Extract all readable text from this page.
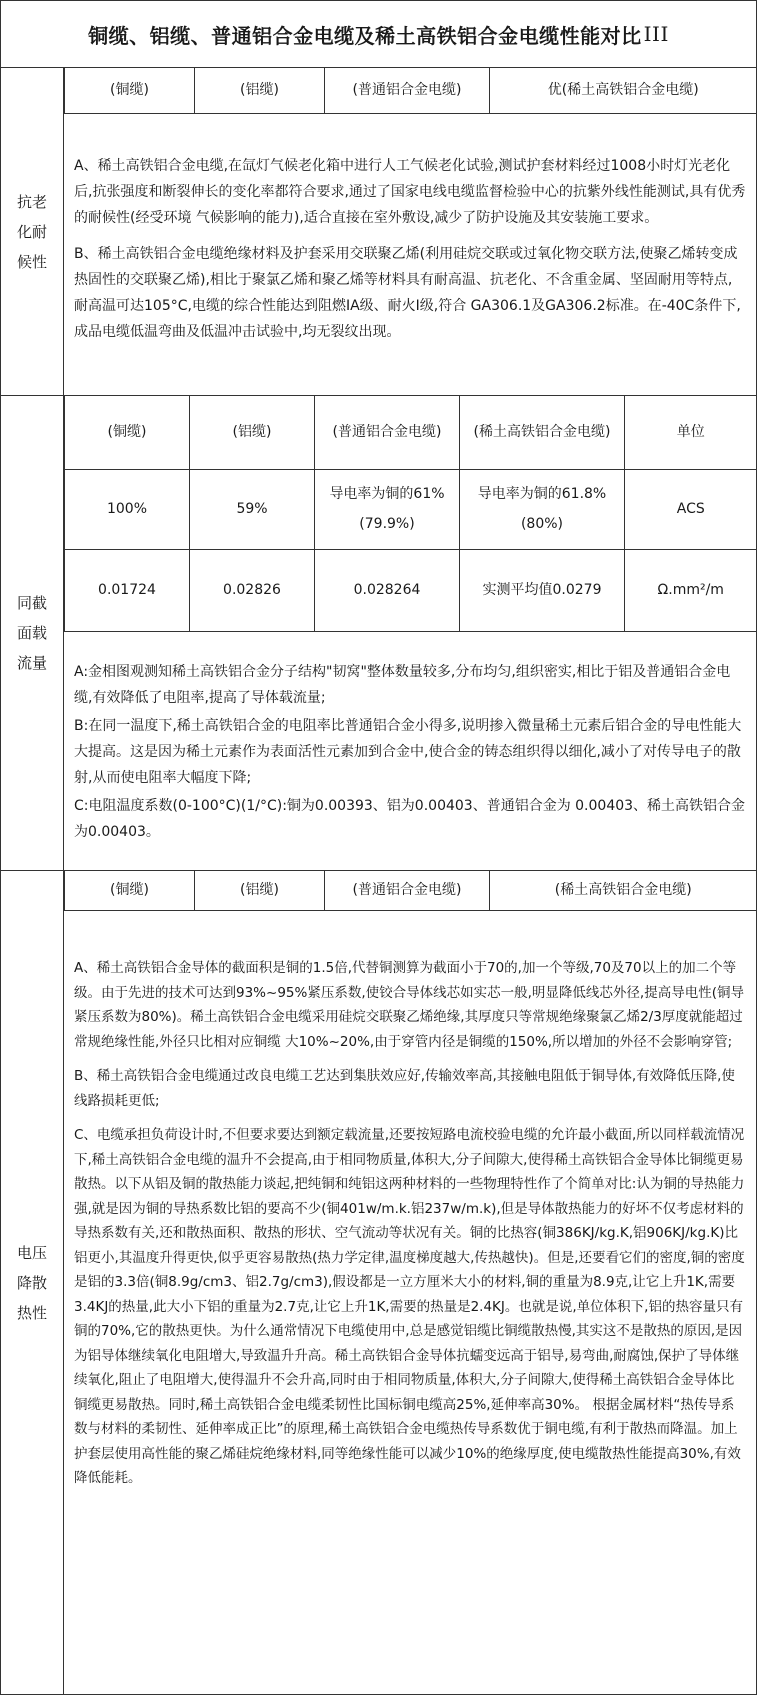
铜缆、铝缆、普通铝合金电缆及稀土高铁铝合金电缆性能对比 III
抗老化耐候性
(铜缆)	(铝缆)	(普通铝合金电缆)	优(稀土高铁铝合金电缆)

A、稀土高铁铝合金电缆,在氙灯气候老化箱中进行人工气候老化试验,测试护套材料经过1008小时灯光老化后,抗张强度和断裂伸长的变化率都符合要求,通过了国家电线电缆监督检验中心的抗紫外线性能测试,具有优秀的耐候性(经受环境 气候影响的能力),适合直接在室外敷设,减少了防护设施及其安装施工要求。

B、稀土高铁铝合金电缆绝缘材料及护套采用交联聚乙烯(利用硅烷交联或过氧化物交联方法,使聚乙烯转变成热固性的交联聚乙烯),相比于聚氯乙烯和聚乙烯等材料具有耐高温、抗老化、不含重金属、坚固耐用等特点,耐高温可达105°C,电缆的综合性能达到阻燃IA级、耐火I级,符合 GA306.1及GA306.2标准。在-40C条件下,成品电缆低温弯曲及低温冲击试验中,均无裂纹出现。

同截面载流量
(铜缆)	(铝缆)	(普通铝合金电缆)	(稀土高铁铝合金电缆)	单位
100%	59%	导电率为铜的61%(79.9%)	导电率为铜的61.8%(80%)	ACS
0.01724	0.02826	0.028264	实测平均值0.0279	Ω.mm²/m

A:金相图观测知稀土高铁铝合金分子结构"韧窝"整体数量较多,分布均匀,组织密实,相比于铝及普通铝合金电缆,有效降低了电阻率,提高了导体载流量;

B:在同一温度下,稀土高铁铝合金的电阻率比普通铝合金小得多,说明掺入微量稀土元素后铝合金的导电性能大大提高。这是因为稀土元素作为表面活性元素加到合金中,使合金的铸态组织得以细化,减小了对传导电子的散射,从而使电阻率大幅度下降;

C:电阻温度系数(0-100°C)(1/°C):铜为0.00393、铝为0.00403、普通铝合金为 0.00403、稀土高铁铝合金为0.00403。

电压降散热性
(铜缆)	(铝缆)	(普通铝合金电缆)	(稀土高铁铝合金电缆)

A、稀土高铁铝合金导体的截面积是铜的1.5倍,代替铜测算为截面小于70的,加一个等级,70及70以上的加二个等级。由于先进的技术可达到93%~95%紧压系数,使铰合导体线芯如实芯一般,明显降低线芯外径,提高导电性(铜导紧压系数为80%)。稀土高铁铝合金电缆采用硅烷交联聚乙烯绝缘,其厚度只等常规绝缘聚氯乙烯2/3厚度就能超过常规绝缘性能,外径只比相对应铜缆 大10%~20%,由于穿管内径是铜缆的150%,所以增加的外径不会影响穿管;

B、稀土高铁铝合金电缆通过改良电缆工艺达到集肤效应好,传输效率高,其接触电阻低于铜导体,有效降低压降,使线路损耗更低;

C、电缆承担负荷设计时,不但要求要达到额定载流量,还要按短路电流校验电缆的允许最小截面,所以同样载流情况下,稀土高铁铝合金电缆的温升不会提高,由于相同物质量,体积大,分子间隙大,使得稀土高铁铝合金导体比铜缆更易散热。以下从铝及铜的散热能力谈起,把纯铜和纯铝这两种材料的一些物理特性作了个简单对比:认为铜的导热能力强,就是因为铜的导热系数比铝的要高不少(铜401w/m.k.铝237w/m.k),但是导体散热能力的好坏不仅考虑材料的导热系数有关,还和散热面积、散热的形状、空气流动等状况有关。铜的比热容(铜386KJ/kg.K,铝906KJ/kg.K)比铝更小,其温度升得更快,似乎更容易散热(热力学定律,温度梯度越大,传热越快)。但是,还要看它们的密度,铜的密度是铝的3.3倍(铜8.9g/cm3、铝2.7g/cm3),假设都是一立方厘米大小的材料,铜的重量为8.9克,让它上升1K,需要3.4KJ的热量,此大小下铝的重量为2.7克,让它上升1K,需要的热量是2.4KJ。也就是说,单位体积下,铝的热容量只有铜的70%,它的散热更快。为什么通常情况下电缆使用中,总是感觉铝缆比铜缆散热慢,其实这不是散热的原因,是因为铝导体继续氧化电阻增大,导致温升升高。稀土高铁铝合金导体抗蠕变远高于铝导,易弯曲,耐腐蚀,保护了导体继续氧化,阻止了电阻增大,使得温升不会升高,同时由于相同物质量,体积大,分子间隙大,使得稀土高铁铝合金导体比铜缆更易散热。同时,稀土高铁铝合金电缆柔韧性比国标铜电缆高25%,延伸率高30%。 根据金属材料“热传导系数与材料的柔韧性、延伸率成正比”的原理,稀土高铁铝合金电缆热传导系数优于铜电缆,有利于散热而降温。加上护套层使用高性能的聚乙烯硅烷绝缘材料,同等绝缘性能可以减少10%的绝缘厚度,使电缆散热性能提高30%,有效降低能耗。
